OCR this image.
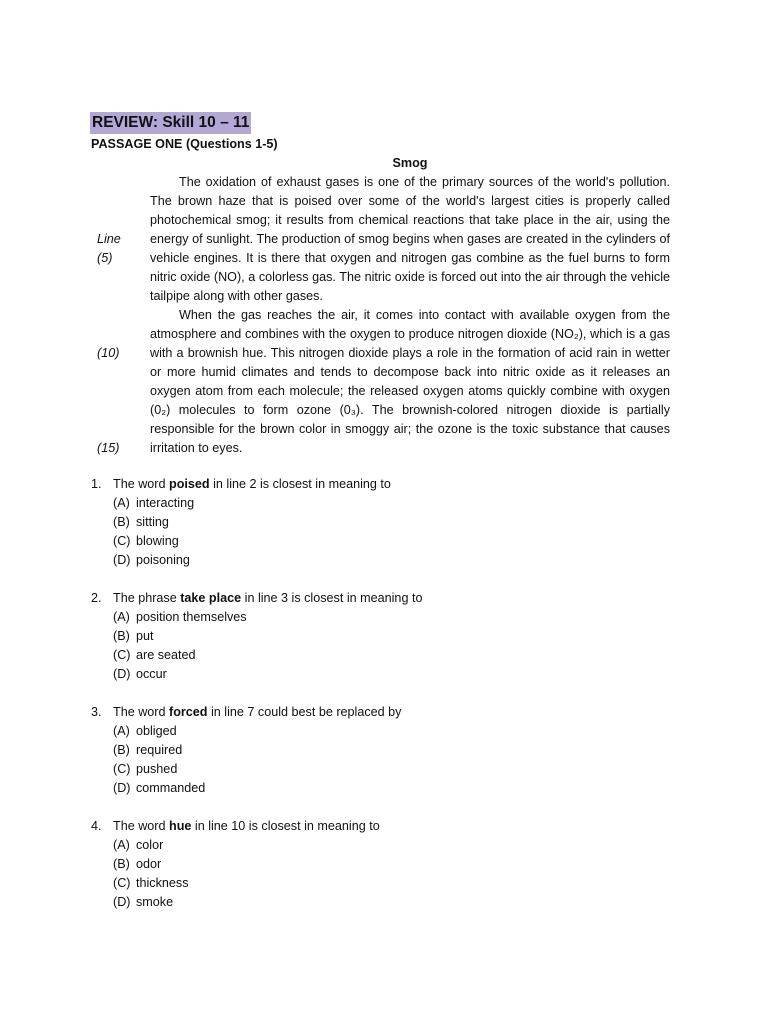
REVIEW: Skill 10 – 11
PASSAGE ONE (Questions 1-5)
Smog
Line
(5)
(10)
(15)

The oxidation of exhaust gases is one of the primary sources of the world's pollution. The brown haze that is poised over some of the world's largest cities is properly called photochemical smog; it results from chemical reactions that take place in the air, using the energy of sunlight. The production of smog begins when gases are created in the cylinders of vehicle engines. It is there that oxygen and nitrogen gas combine as the fuel burns to form nitric oxide (NO), a colorless gas. The nitric oxide is forced out into the air through the vehicle tailpipe along with other gases.

When the gas reaches the air, it comes into contact with available oxygen from the atmosphere and combines with the oxygen to produce nitrogen dioxide (NO₂), which is a gas with a brownish hue. This nitrogen dioxide plays a role in the formation of acid rain in wetter or more humid climates and tends to decompose back into nitric oxide as it releases an oxygen atom from each molecule; the released oxygen atoms quickly combine with oxygen (0₂) molecules to form ozone (0₃). The brownish-colored nitrogen dioxide is partially responsible for the brown color in smoggy air; the ozone is the toxic substance that causes irritation to eyes.

1. The word poised in line 2 is closest in meaning to
(A) interacting
(B) sitting
(C) blowing
(D) poisoning
2. The phrase take place in line 3 is closest in meaning to
(A) position themselves
(B) put
(C) are seated
(D) occur
3. The word forced in line 7 could best be replaced by
(A) obliged
(B) required
(C) pushed
(D) commanded
4. The word hue in line 10 is closest in meaning to
(A) color
(B) odor
(C) thickness
(D) smoke
